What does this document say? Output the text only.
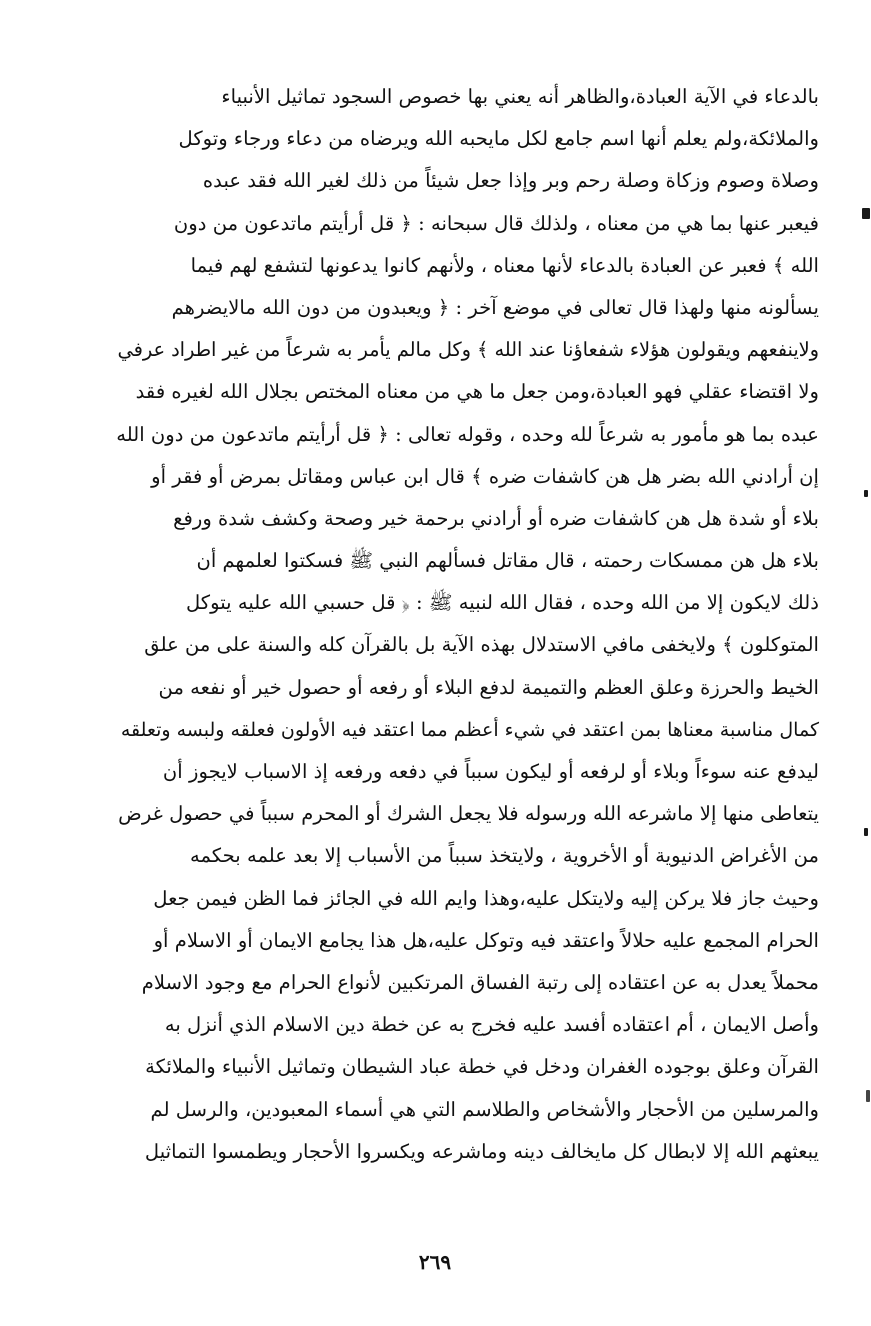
بالدعاء في الآية العبادة،والظاهر أنه يعني بها خصوص السجود تماثيل الأنبياء
والملائكة،ولم يعلم أنها اسم جامع لكل مايحبه الله ويرضاه من دعاء ورجاء وتوكل
وصلاة وصوم وزكاة وصلة رحم وبر وإذا جعل شيئاً من ذلك لغير الله فقد عبده
فيعبر عنها بما هي من معناه ، ولذلك قال سبحانه : ﴿ قل أرأيتم ماتدعون من دون
الله ﴾ فعبر عن العبادة بالدعاء لأنها معناه ، ولأنهم كانوا يدعونها لتشفع لهم فيما
يسألونه منها ولهذا قال تعالى في موضع آخر : ﴿ ويعبدون من دون الله مالايضرهم
ولاينفعهم ويقولون هؤلاء شفعاؤنا عند الله ﴾ وكل مالم يأمر به شرعاً من غير اطراد عرفي
ولا اقتضاء عقلي فهو العبادة،ومن جعل ما هي من معناه المختص بجلال الله لغيره فقد
عبده بما هو مأمور به شرعاً لله وحده ، وقوله تعالى : ﴿ قل أرأيتم ماتدعون من دون الله
إن أرادني الله بضر هل هن كاشفات ضره ﴾ قال ابن عباس ومقاتل بمرض أو فقر أو
بلاء أو شدة هل هن كاشفات ضره أو أرادني برحمة خير وصحة وكشف شدة ورفع
بلاء هل هن ممسكات رحمته ، قال مقاتل فسألهم النبي ﷺ فسكتوا لعلمهم أن
ذلك لايكون إلا من الله وحده ، فقال الله لنبيه ﷺ : ﴿ قل حسبي الله عليه يتوكل
المتوكلون ﴾ ولايخفى مافي الاستدلال بهذه الآية بل بالقرآن كله والسنة على من علق
الخيط والحرزة وعلق العظم والتميمة لدفع البلاء أو رفعه أو حصول خير أو نفعه من
كمال مناسبة معناها بمن اعتقد في شيء أعظم مما اعتقد فيه الأولون فعلقه ولبسه وتعلقه
ليدفع عنه سوءاً وبلاء أو لرفعه أو ليكون سبباً في دفعه ورفعه إذ الاسباب لايجوز أن
يتعاطى منها إلا ماشرعه الله ورسوله فلا يجعل الشرك أو المحرم سبباً في حصول غرض
من الأغراض الدنيوية أو الأخروية ، ولايتخذ سبباً من الأسباب إلا بعد علمه بحكمه
وحيث جاز فلا يركن إليه ولايتكل عليه،وهذا وايم الله في الجائز فما الظن فيمن جعل
الحرام المجمع عليه حلالاً واعتقد فيه وتوكل عليه،هل هذا يجامع الايمان أو الاسلام أو
محملاً يعدل به عن اعتقاده إلى رتبة الفساق المرتكبين لأنواع الحرام مع وجود الاسلام
وأصل الايمان ، أم اعتقاده أفسد عليه فخرج به عن خطة دين الاسلام الذي أنزل به
القرآن وعلق بوجوده الغفران ودخل في خطة عباد الشيطان وتماثيل الأنبياء والملائكة
والمرسلين من الأحجار والأشخاص والطلاسم التي هي أسماء المعبودين، والرسل لم
يبعثهم الله إلا لابطال كل مايخالف دينه وماشرعه ويكسروا الأحجار ويطمسوا التماثيل
٢٦٩
